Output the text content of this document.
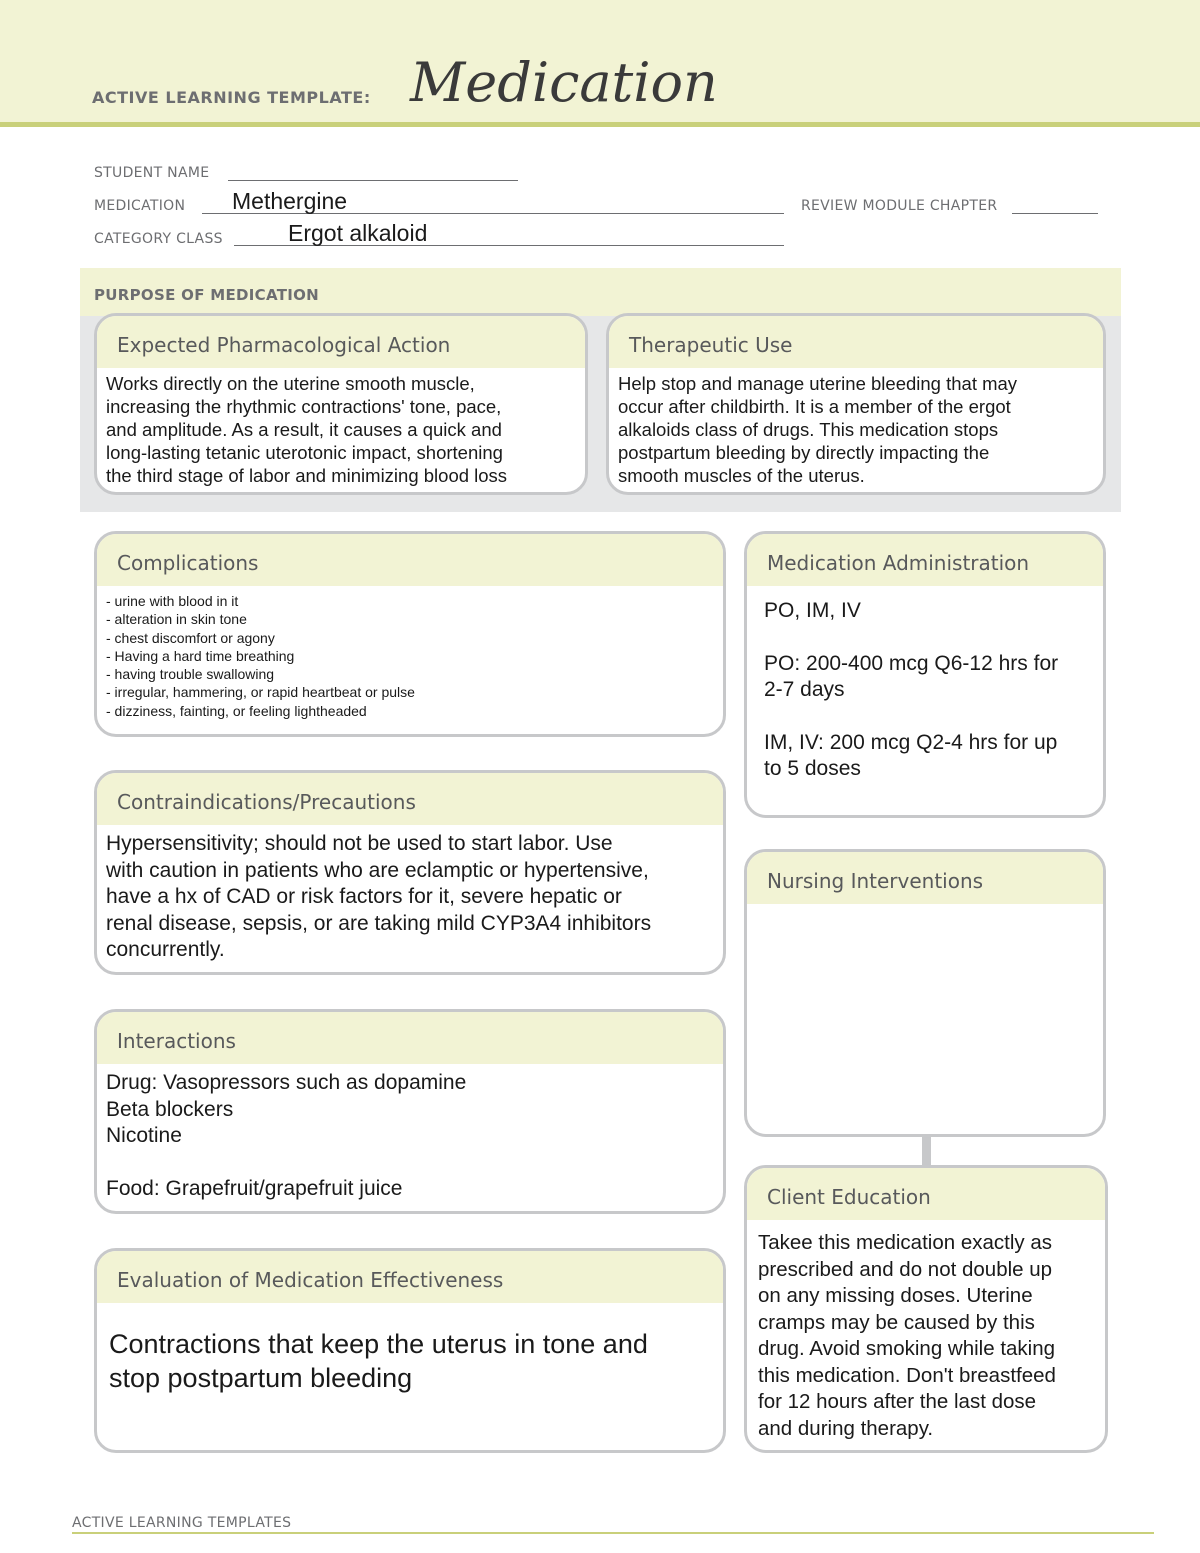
ACTIVE LEARNING TEMPLATE: Medication
STUDENT NAME
MEDICATION Methergine	REVIEW MODULE CHAPTER
CATEGORY CLASS	Ergot alkaloid
PURPOSE OF MEDICATION
Expected Pharmacological Action
Works directly on the uterine smooth muscle,
increasing the rhythmic contractions' tone, pace,
and amplitude. As a result, it causes a quick and
long-lasting tetanic uterotonic impact, shortening
the third stage of labor and minimizing blood loss
Therapeutic Use
Help stop and manage uterine bleeding that may
occur after childbirth. It is a member of the ergot
alkaloids class of drugs. This medication stops
postpartum bleeding by directly impacting the
smooth muscles of the uterus.
Complications
- urine with blood in it
- alteration in skin tone
- chest discomfort or agony
- Having a hard time breathing
- having trouble swallowing
- irregular, hammering, or rapid heartbeat or pulse
- dizziness, fainting, or feeling lightheaded
Medication Administration
PO, IM, IV
PO: 200-400 mcg Q6-12 hrs for
2-7 days
IM, IV: 200 mcg Q2-4 hrs for up
to 5 doses
Contraindications/Precautions
Hypersensitivity; should not be used to start labor. Use
with caution in patients who are eclamptic or hypertensive,
have a hx of CAD or risk factors for it, severe hepatic or
renal disease, sepsis, or are taking mild CYP3A4 inhibitors
concurrently.
Nursing Interventions
Interactions
Drug: Vasopressors such as dopamine
Beta blockers
Nicotine
Food: Grapefruit/grapefruit juice	Client Education
Takee this medication exactly as
prescribed and do not double up
on any missing doses. Uterine
cramps may be caused by this
drug. Avoid smoking while taking
this medication. Don't breastfeed
for 12 hours after the last dose
and during therapy.
Evaluation of Medication Effectiveness
Contractions that keep the uterus in tone and
stop postpartum bleeding
ACTIVE LEARNING TEMPLATES
